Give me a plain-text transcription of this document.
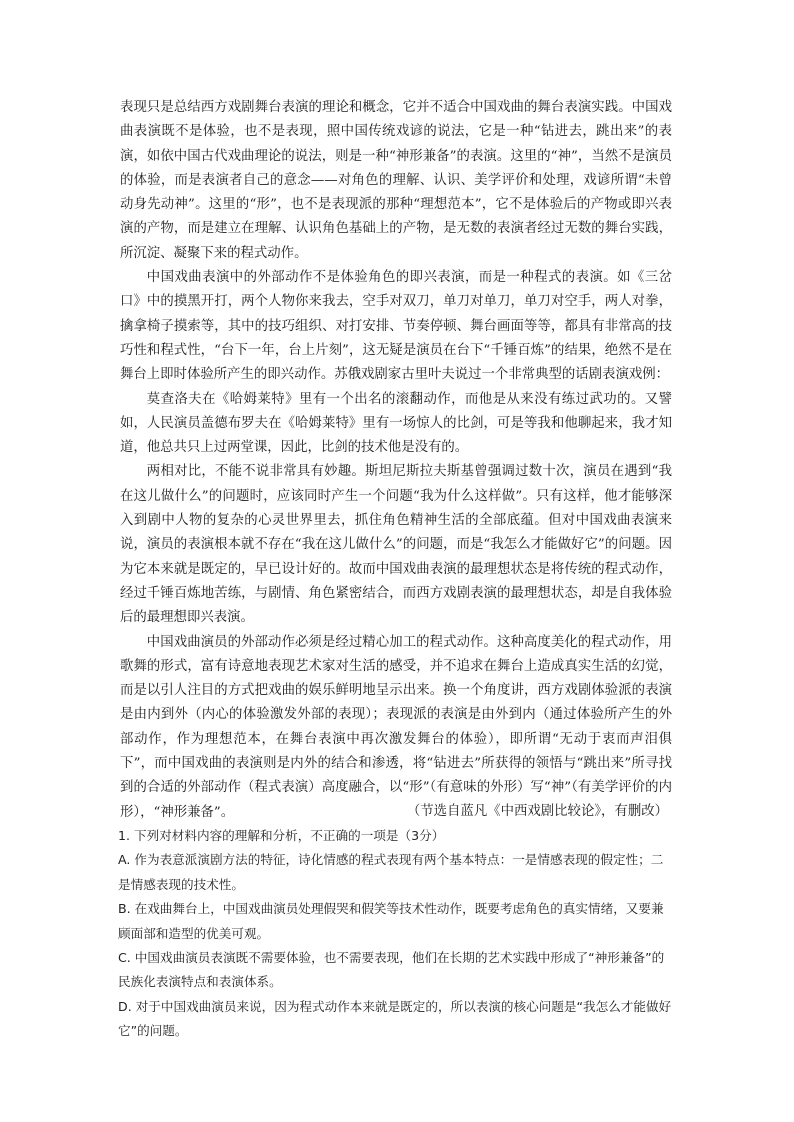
表现只是总结西方戏剧舞台表演的理论和概念，它并不适合中国戏曲的舞台表演实践。中国戏曲表演既不是体验，也不是表现，照中国传统戏谚的说法，它是一种“钻进去，跳出来”的表演，如依中国古代戏曲理论的说法，则是一种“神形兼备”的表演。这里的“神”，当然不是演员的体验，而是表演者自己的意念——对角色的理解、认识、美学评价和处理，戏谚所谓“未曾动身先动神”。这里的“形”，也不是表现派的那种“理想范本”，它不是体验后的产物或即兴表演的产物，而是建立在理解、认识角色基础上的产物，是无数的表演者经过无数的舞台实践，所沉淀、凝聚下来的程式动作。

中国戏曲表演中的外部动作不是体验角色的即兴表演，而是一种程式的表演。如《三岔口》中的摸黑开打，两个人物你来我去，空手对双刀，单刀对单刀，单刀对空手，两人对拳，擒拿椅子摸索等，其中的技巧组织、对打安排、节奏停顿、舞台画面等等，都具有非常高的技巧性和程式性，“台下一年，台上片刻”，这无疑是演员在台下“千锤百炼”的结果，绝然不是在舞台上即时体验所产生的即兴动作。苏俄戏剧家古里叶夫说过一个非常典型的话剧表演戏例：

莫查洛夫在《哈姆莱特》里有一个出名的滚翻动作，而他是从来没有练过武功的。又譬如，人民演员盖德布罗夫在《哈姆莱特》里有一场惊人的比剑，可是等我和他聊起来，我才知道，他总共只上过两堂课，因此，比剑的技术他是没有的。

两相对比，不能不说非常具有妙趣。斯坦尼斯拉夫斯基曾强调过数十次，演员在遇到“我在这儿做什么”的问题时，应该同时产生一个问题“我为什么这样做”。只有这样，他才能够深入到剧中人物的复杂的心灵世界里去，抓住角色精神生活的全部底蕴。但对中国戏曲表演来说，演员的表演根本就不存在“我在这儿做什么”的问题，而是“我怎么才能做好它”的问题。因为它本来就是既定的，早已设计好的。故而中国戏曲表演的最理想状态是将传统的程式动作，经过千锤百炼地苦练，与剧情、角色紧密结合，而西方戏剧表演的最理想状态，却是自我体验后的最理想即兴表演。

中国戏曲演员的外部动作必须是经过精心加工的程式动作。这种高度美化的程式动作，用歌舞的形式，富有诗意地表现艺术家对生活的感受，并不追求在舞台上造成真实生活的幻觉，而是以引人注目的方式把戏曲的娱乐鲜明地呈示出来。换一个角度讲，西方戏剧体验派的表演是由内到外（内心的体验激发外部的表现）；表现派的表演是由外到内（通过体验所产生的外部动作，作为理想范本，在舞台表演中再次激发舞台的体验），即所谓“无动于衷而声泪俱下”，而中国戏曲的表演则是内外的结合和渗透，将“钻进去”所获得的领悟与“跳出来”所寻找到的合适的外部动作（程式表演）高度融合，以“形”（有意味的外形）写“神”（有美学评价的内形），“神形兼备”。	（节选自蓝凡《中西戏剧比较论》，有删改）

1. 下列对材料内容的理解和分析，不正确的一项是（3分）

A. 作为表意派演剧方法的特征，诗化情感的程式表现有两个基本特点：一是情感表现的假定性；二是情感表现的技术性。

B. 在戏曲舞台上，中国戏曲演员处理假哭和假笑等技术性动作，既要考虑角色的真实情绪，又要兼顾面部和造型的优美可观。

C. 中国戏曲演员表演既不需要体验，也不需要表现，他们在长期的艺术实践中形成了“神形兼备”的民族化表演特点和表演体系。

D. 对于中国戏曲演员来说，因为程式动作本来就是既定的，所以表演的核心问题是“我怎么才能做好它”的问题。
